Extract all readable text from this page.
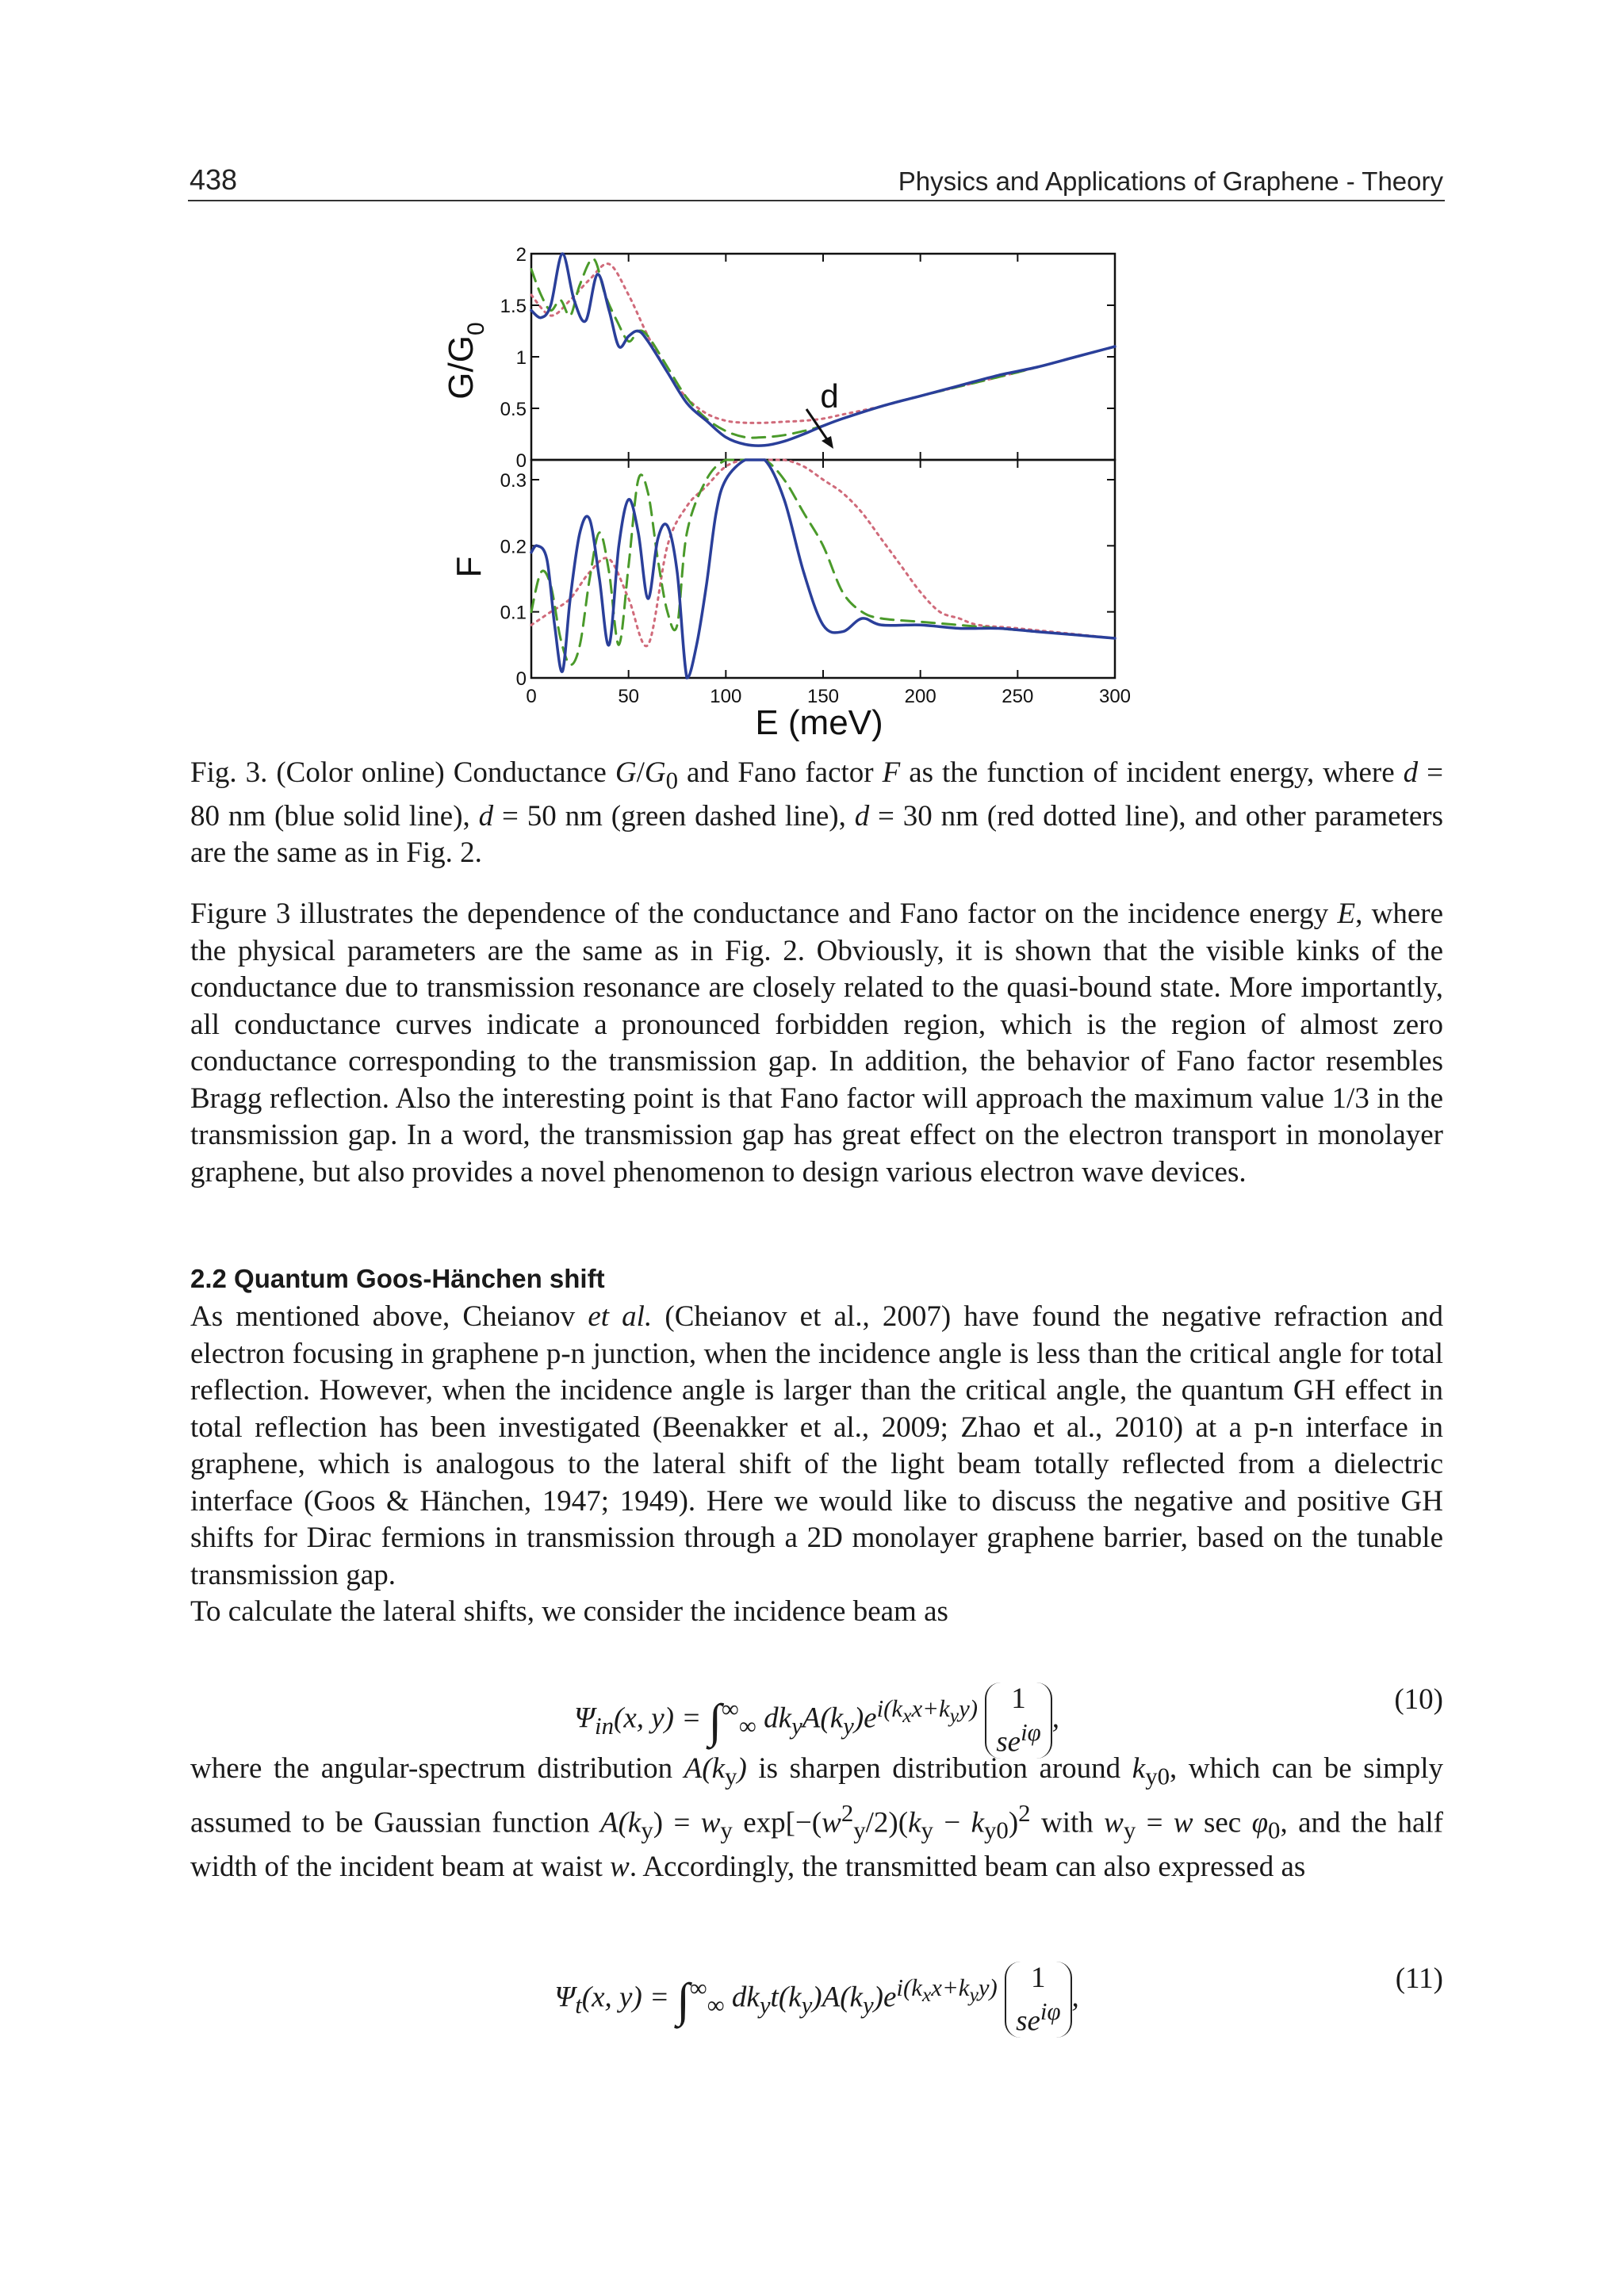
438	Physics and Applications of Graphene - Theory
0
0.5
1
1.5
2
0
0.1
0.2
0.3
0	50	100	150	200	250	300
$G/G_0$
F
E (meV)
d
Fig. 3. (Color online) Conductance $G/G_0$ and Fano factor F as the function of incident energy, where d = 80 nm (blue solid line), d = 50 nm (green dashed line), d = 30 nm (red dotted line), and other parameters are the same as in Fig. 2.

Figure 3 illustrates the dependence of the conductance and Fano factor on the incidence energy E, where the physical parameters are the same as in Fig. 2. Obviously, it is shown that the visible kinks of the conductance due to transmission resonance are closely related to the quasi-bound state. More importantly, all conductance curves indicate a pronounced forbidden region, which is the region of almost zero conductance corresponding to the transmission gap. In addition, the behavior of Fano factor resembles Bragg reflection. Also the interesting point is that Fano factor will approach the maximum value 1/3 in the transmission gap. In a word, the transmission gap has great effect on the electron transport in monolayer graphene, but also provides a novel phenomenon to design various electron wave devices.

2.2 Quantum Goos-Hänchen shift

As mentioned above, Cheianov et al. (Cheianov et al., 2007) have found the negative refraction and electron focusing in graphene p-n junction, when the incidence angle is less than the critical angle for total reflection. However, when the incidence angle is larger than the critical angle, the quantum GH effect in total reflection has been investigated (Beenakker et al., 2009; Zhao et al., 2010) at a p-n interface in graphene, which is analogous to the lateral shift of the light beam totally reflected from a dielectric interface (Goos & Hänchen, 1947; 1949). Here we would like to discuss the negative and positive GH shifts for Dirac fermions in transmission through a 2D monolayer graphene barrier, based on the tunable transmission gap.

To calculate the lateral shifts, we consider the incidence beam as

$\Psi_{in}(x$, $y) = \int^\infty_\infty$ $dk_yA(k_y)e^{i(k_xx+k_yy)}$ 1
$se^{i\varphi}$ ,
(10)

where the angular-spectrum distribution $A(k_y)$ is sharpen distribution around $k_{y0}$, which can be simply assumed to be Gaussian function $A(k_y) = w_y$ $\exp[-(w^2_y/2)(k_y - k_{y0})^2$ with $w_y = w$ $\sec \varphi_0$, and the half width of the incident beam at waist w. Accordingly, the transmitted beam can also expressed as

$\Psi_t(x$, $y) = \int^\infty_\infty$ $dk_yt(k_y)A(k_y)e^{i(k_xx+k_yy)}$ 1
$se^{i\varphi}$ ,
(11)
